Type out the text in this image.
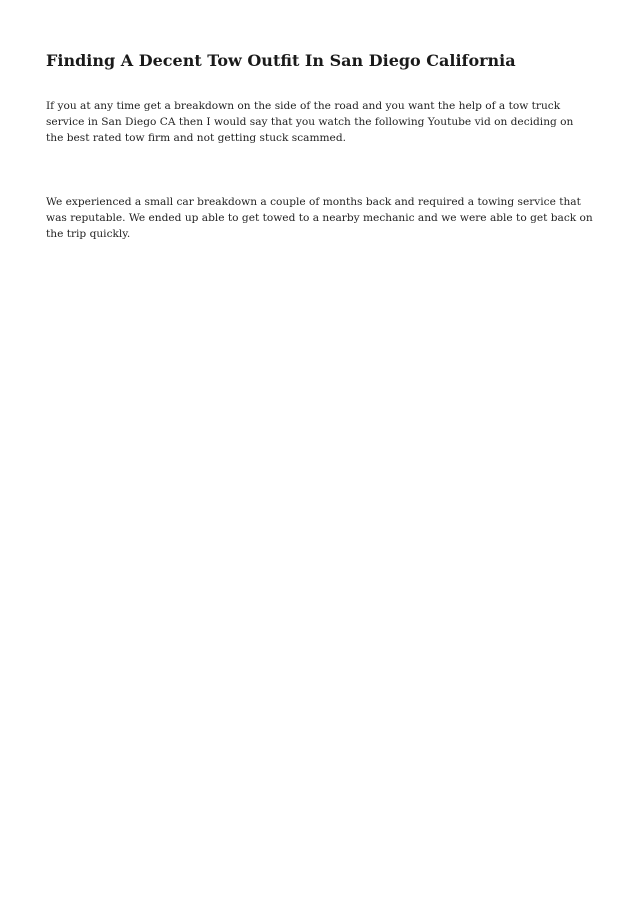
Finding A Decent Tow Outfit In San Diego California

If you at any time get a breakdown on the side of the road and you want the help of a tow truck service in San Diego CA then I would say that you watch the following Youtube vid on deciding on the best rated tow firm and not getting stuck scammed.

We experienced a small car breakdown a couple of months back and required a towing service that was reputable. We ended up able to get towed to a nearby mechanic and we were able to get back on the trip quickly.
